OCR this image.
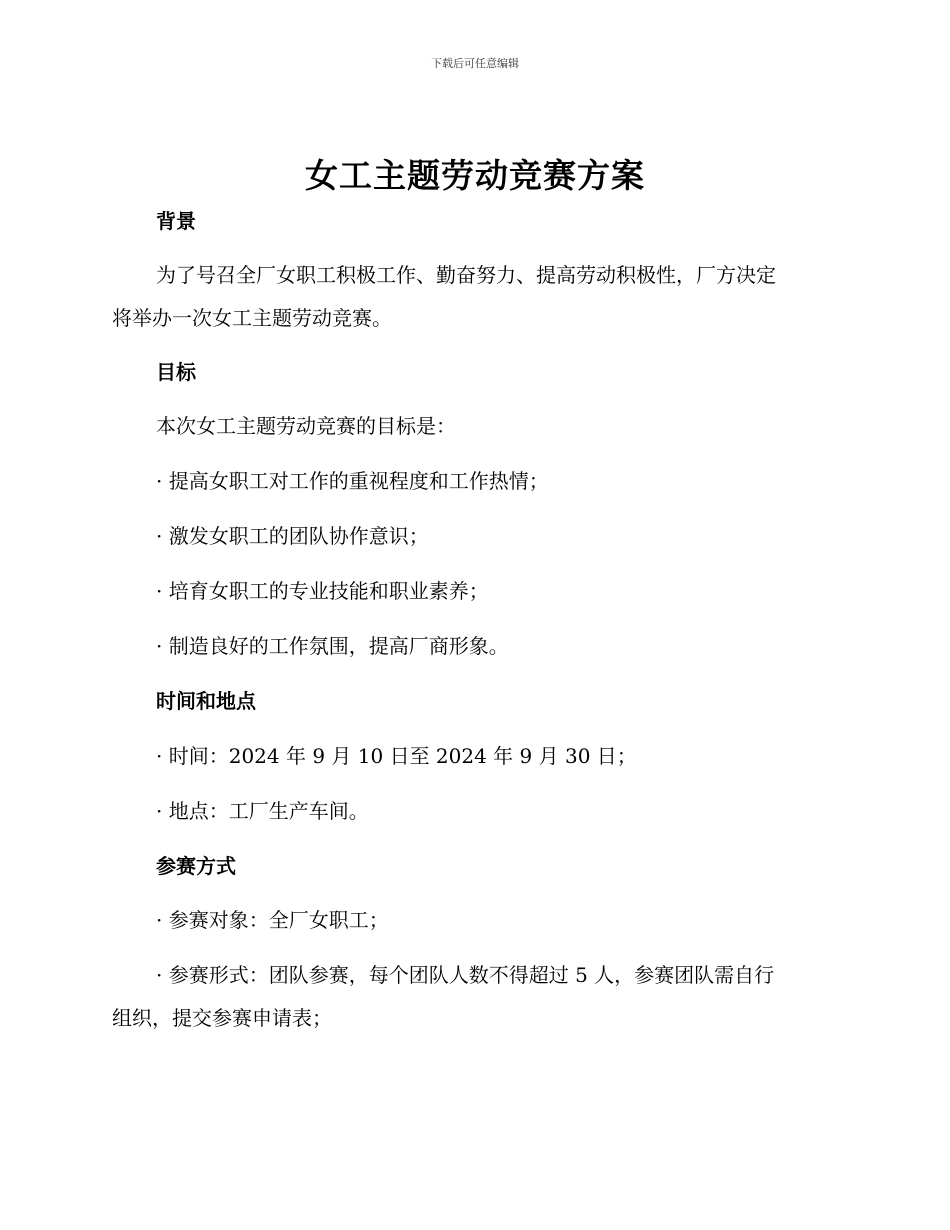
下载后可任意编辑
女工主题劳动竞赛方案
背景
为了号召全厂女职工积极工作、勤奋努力、提高劳动积极性，厂方决定
将举办一次女工主题劳动竞赛。
目标
本次女工主题劳动竞赛的目标是：
· 提高女职工对工作的重视程度和工作热情；
· 激发女职工的团队协作意识；
· 培育女职工的专业技能和职业素养；
· 制造良好的工作氛围，提高厂商形象。
时间和地点
· 时间：2024 年 9 月 10 日至 2024 年 9 月 30 日；
· 地点：工厂生产车间。
参赛方式
· 参赛对象：全厂女职工；
· 参赛形式：团队参赛，每个团队人数不得超过 5 人，参赛团队需自行
组织，提交参赛申请表；
